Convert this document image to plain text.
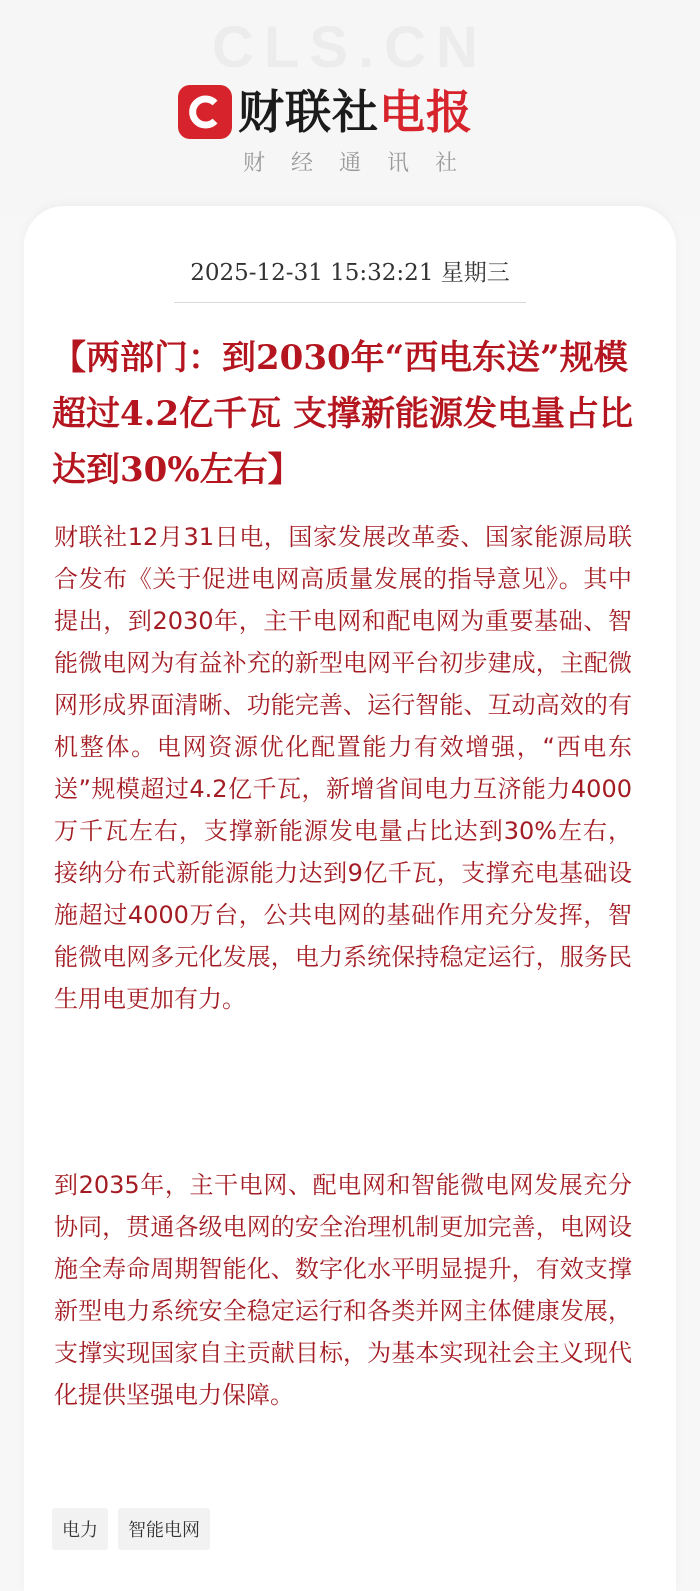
CLS.CN
财联社 电报
财经通讯社
2025-12-31 15:32:21 星期三
【两部门：到2030年“西电东送”规模超过4.2亿千瓦 支撑新能源发电量占比达到30%左右】
财联社12月31日电，国家发展改革委、国家能源局联合发布《关于促进电网高质量发展的指导意见》。其中提出，到2030年，主干电网和配电网为重要基础、智能微电网为有益补充的新型电网平台初步建成，主配微网形成界面清晰、功能完善、运行智能、互动高效的有机整体。电网资源优化配置能力有效增强，“西电东送”规模超过4.2亿千瓦，新增省间电力互济能力4000万千瓦左右，支撑新能源发电量占比达到30%左右，接纳分布式新能源能力达到9亿千瓦，支撑充电基础设施超过4000万台，公共电网的基础作用充分发挥，智能微电网多元化发展，电力系统保持稳定运行，服务民生用电更加有力。
到2035年，主干电网、配电网和智能微电网发展充分协同，贯通各级电网的安全治理机制更加完善，电网设施全寿命周期智能化、数字化水平明显提升，有效支撑新型电力系统安全稳定运行和各类并网主体健康发展，支撑实现国家自主贡献目标，为基本实现社会主义现代化提供坚强电力保障。
电力	智能电网
